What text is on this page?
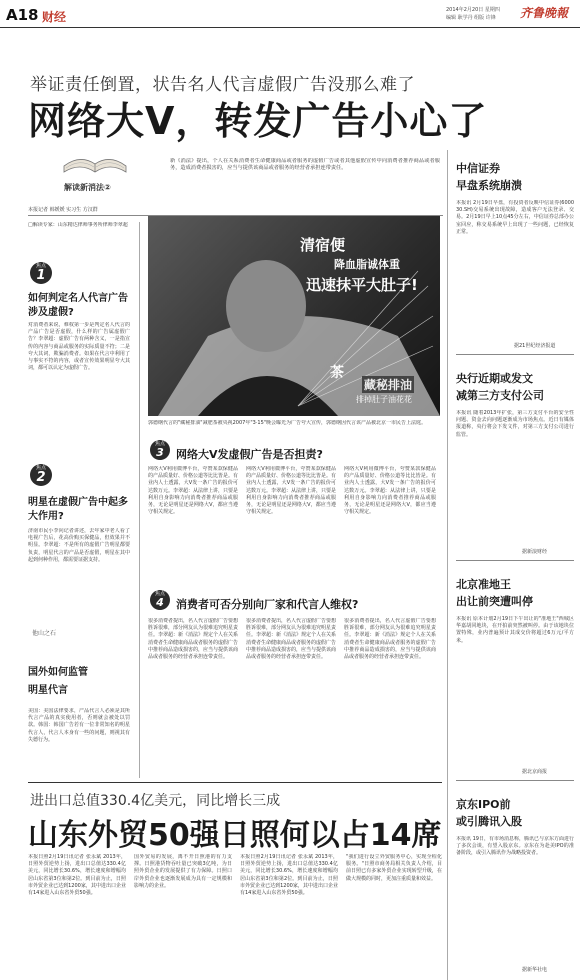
A18 财经	2014年2月20日 星期四
编辑 耿学丹 组版 许锋 齐鲁晚報
举证责任倒置，状告名人代言虚假广告没那么难了
网络大V，转发广告小心了
解读新消法②
新《消法》提出，个人在关系消费者生命健康商品或者服务的虚假广告或者其他虚假宣传中向消费者推荐商品或者服务，造成消费者损害的，应当与提供该商品或者服务的经营者承担连带责任。
本报记者 韩媛媛 实习生 方汉群
□解读专家：山东精达律师事务所律师李翠超
焦点
1
如何判定名人代言广告涉及虚假?
对消费者来说，难权第一步是判定名人代言的产品广告是否虚假，什么样的广告属虚假广告？李翠超：虚假广告有两种含义，一是指宣传的内容与商品或服务的实际质量不符；二是夸大其词，欺骗消费者。如果在代言中利用了与事实不符的内容，或者宣传效果明显夸大其词，都可以认定为虚假广告。
焦点
2
明星在虚假广告中起多大作用?
济南市民小李向记者讲述，去年家中老人看了电视广告后，花高价购买保健品，但效果并不明显。李翠超：不是所有的虚假广告明星都要负责，明星代言的产品是否虚假，明星在其中起到何种作用，都需要证据支持。
他山之石
国外如何监管
明星代言
美国：美国法律要求，产品代言人必须是其所代言产品的真实使用者，否则就会被处以罚款。韩国：韩国广告若有一位非常知名的明星代言人，代言人本身有一些的问题，则视其有失德行为。
清宿便
降血脂诚体重
迅速抹平大肚子!
茶
藏秘排油
排掉肚子油花花
郭德纲代言的"藏秘排油"减肥茶被央视2007年"3·15"晚会曝光为广告夸大宣传，郭德纲因代言该产品被北京一市民告上法庭。
焦点
3	网络大V发虚假广告是否担责?
网络大V利用微博平台，夸赞某款保健品的产品质量好、价格公道等比比皆是。有业内人士透露，大V发一条广告的报价可达数万元。李翠超：从法律上讲，只要是利用自身影响力向消费者推荐商品或服务，无论是明星还是网络大V，都应当遵守相关规定。
网络大V利用微博平台，夸赞某款保健品的产品质量好、价格公道等比比皆是。有业内人士透露，大V发一条广告的报价可达数万元。李翠超：从法律上讲，只要是利用自身影响力向消费者推荐商品或服务，无论是明星还是网络大V，都应当遵守相关规定。
网络大V利用微博平台，夸赞某款保健品的产品质量好、价格公道等比比皆是。有业内人士透露，大V发一条广告的报价可达数万元。李翠超：从法律上讲，只要是利用自身影响力向消费者推荐商品或服务，无论是明星还是网络大V，都应当遵守相关规定。
焦点
4	消费者可否分别向厂家和代言人维权?
很多消费者提出，名人代言虚假广告要想胜诉很难，部分网友认为很难追究明星责任。李翠超：新《消法》规定个人在关系消费者生命健康商品或者服务的虚假广告中推荐商品造成损害的，应当与提供该商品或者服务的经营者承担连带责任。
很多消费者提出，名人代言虚假广告要想胜诉很难，部分网友认为很难追究明星责任。李翠超：新《消法》规定个人在关系消费者生命健康商品或者服务的虚假广告中推荐商品造成损害的，应当与提供该商品或者服务的经营者承担连带责任。
很多消费者提出，名人代言虚假广告要想胜诉很难，部分网友认为很难追究明星责任。李翠超：新《消法》规定个人在关系消费者生命健康商品或者服务的虚假广告中推荐商品造成损害的，应当与提供该商品或者服务的经营者承担连带责任。
中信证券
早盘系统崩溃
本报讯 2月19日早盘，有投资者反映中信证券(600030.SH)交易系统出现故障，造成客户无法登录、交易。2月19日早上10点45分左右，中信证券总部办公室回应，称交易系统早上出现了一些问题，已经恢复正常。
据21世纪经济报道
央行近期或发文
减第三方支付公司
本报讯 随着2013年扩张，第三方支付平台的安全性问题、资金去向问题逐渐成为市场焦点。近日有媒体报道称，央行将会下发文件，对第三方支付公司进行监管。
据新浪财经
北京准地王
出让前突遭叫停
本报讯 原本计划2月19日下午出让的"准地王"西城区华嘉胡同地块，在开拍前突然被叫停。由于该地块位置特殊，业内普遍预计其成交价将超过6万元/平方米。
据北京商报
京东IPO前
或引腾讯入股
本报讯 19日，有市场消息称，腾讯已与京东方面进行了多次会谈，有望入股京东。京东在为赴美IPO的准备阶段，或引入腾讯作为战略投资者。
据新华社电
进出口总值330.4亿美元，同比增长三成
山东外贸50强日照何以占14席
本报日照2月19日讯记者 张永斌 2013年，日照外贸逆势上扬，进出口总值达330.4亿美元，同比增长30.6%，增长速度和增幅均居山东省第3位和第2位。到目前为止，日照市外贸企业已达到1200家，其中进出口企业有14家进入山东省外贸50强。
国外贸易的发展，离不开日照港的有力支撑。日照港货物吞吐量已突破3亿吨，为日照外贸企业的发展提供了有力保障。日照口岸外贸企业也逐渐发展成为具有一定规模和影响力的企业。
本报日照2月19日讯记者 张永斌 2013年，日照外贸逆势上扬，进出口总值达330.4亿美元，同比增长30.6%，增长速度和增幅均居山东省第3位和第2位。到目前为止，日照市外贸企业已达到1200家，其中进出口企业有14家进入山东省外贸50强。
"我们进行设立外贸服务中心，实现全程化服务。"日照市商务局相关负责人介绍，目前日照已有多家外贸企业实现转型升级，在做大规模的同时，更加注重质量和效益。
